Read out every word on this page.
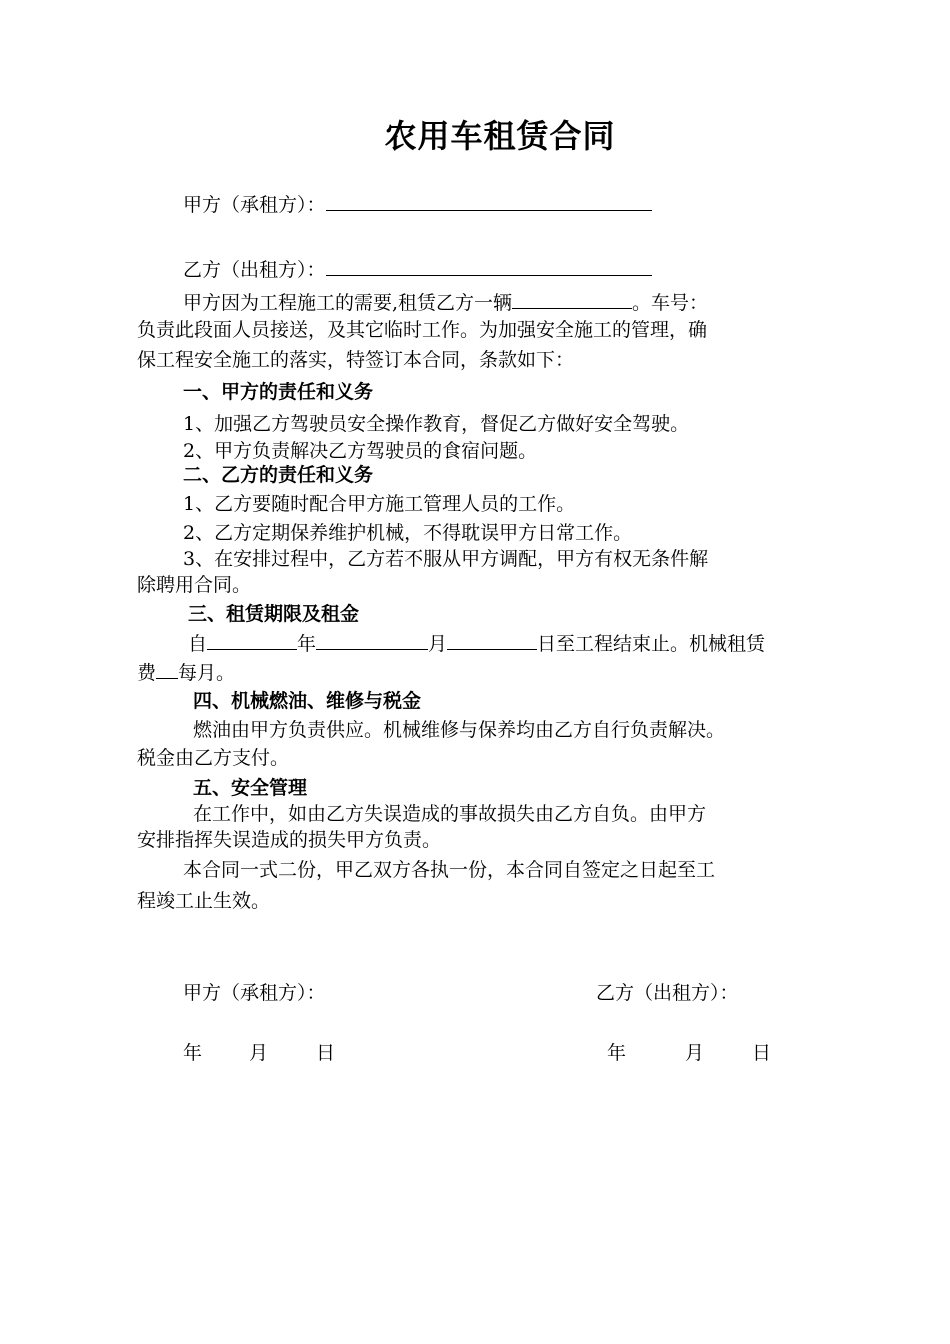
农用车租赁合同
甲方（承租方）：
乙方（出租方）：
甲方因为工程施工的需要,租赁乙方一辆	。车号：
负责此段面人员接送，及其它临时工作。为加强安全施工的管理，确
保工程安全施工的落实，特签订本合同，条款如下：
一、甲方的责任和义务
1、加强乙方驾驶员安全操作教育，督促乙方做好安全驾驶。
2、甲方负责解决乙方驾驶员的食宿问题。
二、乙方的责任和义务
1、乙方要随时配合甲方施工管理人员的工作。
2、乙方定期保养维护机械，不得耽误甲方日常工作。
3、在安排过程中，乙方若不服从甲方调配，甲方有权无条件解
除聘用合同。
三、租赁期限及租金
自	年	月	日至工程结束止。机械租赁
费 每月。
四、机械燃油、维修与税金
燃油由甲方负责供应。机械维修与保养均由乙方自行负责解决。
税金由乙方支付。
五、安全管理
在工作中，如由乙方失误造成的事故损失由乙方自负。由甲方
安排指挥失误造成的损失甲方负责。
本合同一式二份，甲乙双方各执一份，本合同自签定之日起至工
程竣工止生效。
甲方（承租方）：	乙方（出租方）：
年 月	日	年	月	日
